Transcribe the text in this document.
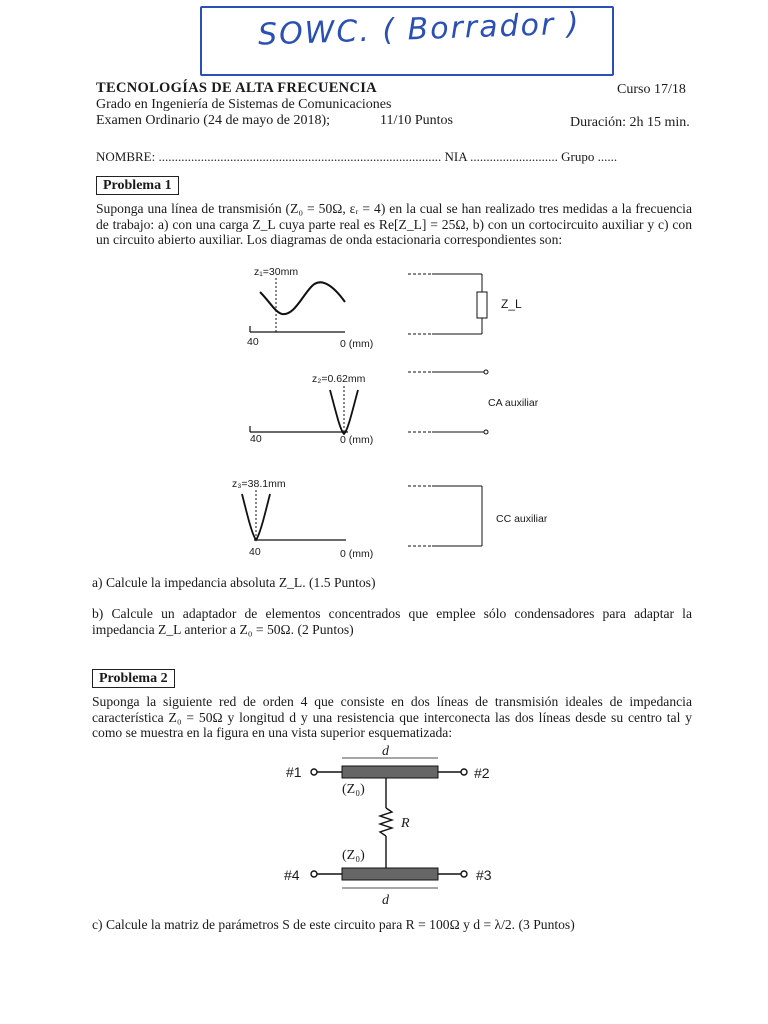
SOWC. ( Borrador )
TECNOLOGÍAS DE ALTA FRECUENCIA	Curso 17/18
Grado en Ingeniería de Sistemas de Comunicaciones
Examen Ordinario (24 de mayo de 2018);	11/10 Puntos	Duración: 2h 15 min.
NOMBRE: ....................................................................................... NIA ........................... Grupo ......
Problema 1
Suponga una línea de transmisión (Z₀ = 50Ω, εᵣ = 4) en la cual se han realizado tres medidas a la frecuencia de trabajo: a) con una carga Z_L cuya parte real es Re[Z_L] = 25Ω, b) con un cortocircuito auxiliar y c) con un circuito abierto auxiliar. Los diagramas de onda estacionaria correspondientes son:
z₁=30mm
40	0 (mm)
Z_L
z₂=0.62mm
40	0 (mm)
CA auxiliar
z₃=38.1mm
40	0 (mm)
CC auxiliar
a) Calcule la impedancia absoluta Z_L. (1.5 Puntos)
b) Calcule un adaptador de elementos concentrados que emplee sólo condensadores para adaptar la impedancia Z_L anterior a Z₀ = 50Ω. (2 Puntos)
Problema 2
Suponga la siguiente red de orden 4 que consiste en dos líneas de transmisión ideales de impedancia característica Z₀ = 50Ω y longitud d y una resistencia que interconecta las dos líneas desde su centro tal y como se muestra en la figura en una vista superior esquematizada:
d
#1	#2
(Z₀)
R
(Z₀)
#4	#3
d
c) Calcule la matriz de parámetros S de este circuito para R = 100Ω y d = λ/2. (3 Puntos)
